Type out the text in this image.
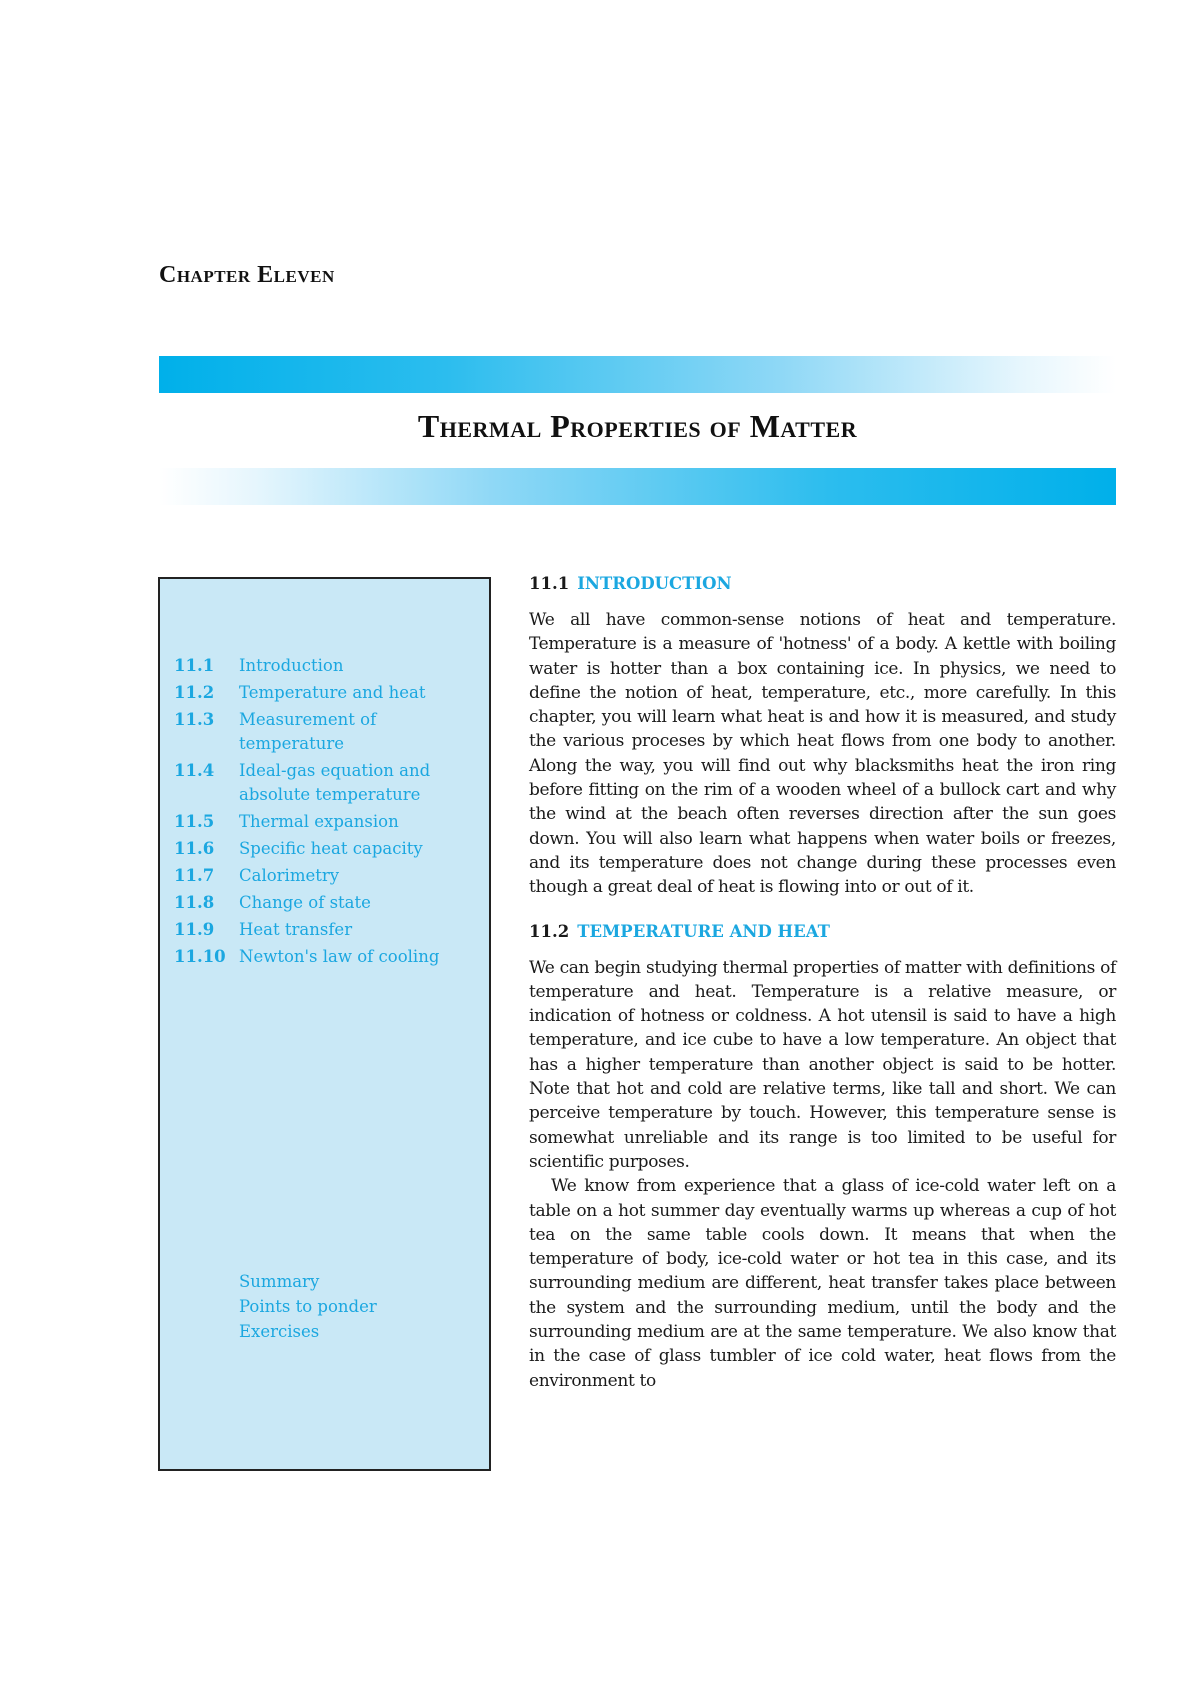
Chapter Eleven
Thermal Properties of Matter
11.1	Introduction
11.2	Temperature and heat
11.3	Measurement of temperature
11.4	Ideal-gas equation and absolute temperature
11.5	Thermal expansion
11.6	Specific heat capacity
11.7	Calorimetry
11.8	Change of state
11.9	Heat transfer
11.10 Newton's law of cooling
Summary
Points to ponder
Exercises
11.1 INTRODUCTION

We all have common-sense notions of heat and temperature. Temperature is a measure of 'hotness' of a body. A kettle with boiling water is hotter than a box containing ice. In physics, we need to define the notion of heat, temperature, etc., more carefully. In this chapter, you will learn what heat is and how it is measured, and study the various proceses by which heat flows from one body to another. Along the way, you will find out why blacksmiths heat the iron ring before fitting on the rim of a wooden wheel of a bullock cart and why the wind at the beach often reverses direction after the sun goes down. You will also learn what happens when water boils or freezes, and its temperature does not change during these processes even though a great deal of heat is flowing into or out of it.

11.2 TEMPERATURE AND HEAT

We can begin studying thermal properties of matter with definitions of temperature and heat. Temperature is a relative measure, or indication of hotness or coldness. A hot utensil is said to have a high temperature, and ice cube to have a low temperature. An object that has a higher temperature than another object is said to be hotter. Note that hot and cold are relative terms, like tall and short. We can perceive temperature by touch. However, this temperature sense is somewhat unreliable and its range is too limited to be useful for scientific purposes.

We know from experience that a glass of ice-cold water left on a table on a hot summer day eventually warms up whereas a cup of hot tea on the same table cools down. It means that when the temperature of body, ice-cold water or hot tea in this case, and its surrounding medium are different, heat transfer takes place between the system and the surrounding medium, until the body and the surrounding medium are at the same temperature. We also know that in the case of glass tumbler of ice cold water, heat flows from the environment to
